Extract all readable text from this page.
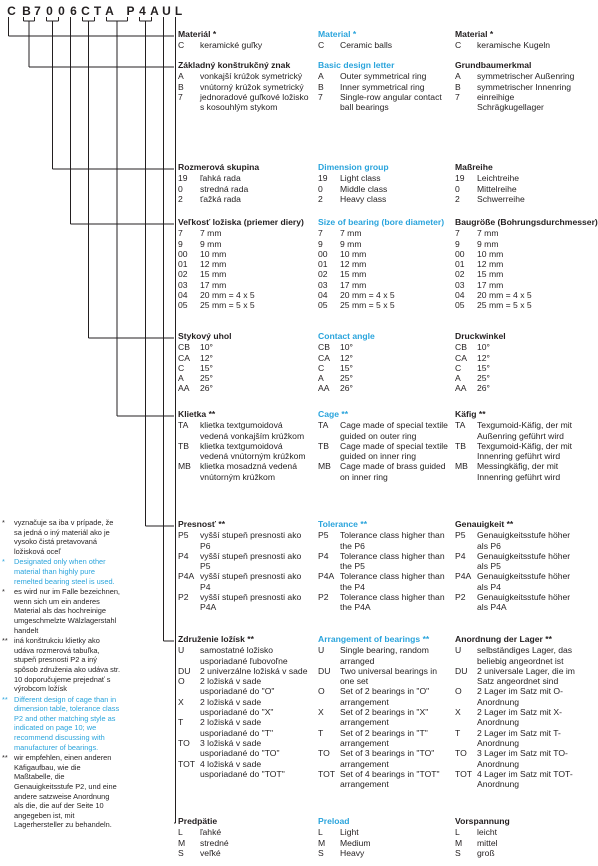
C B 7 0 0 6 C T A P 4 A U L
Materiál *
C	keramické guľky
Material *
C	Ceramic balls
Material *
C	keramische Kugeln
Základný konštrukčný znak
A	vonkajší krúžok symetrický
B	vnútorný krúžok symetrický
7	jednoradové guľkové ložisko s kosouhlým stykom
Basic design letter
A	Outer symmetrical ring
B	Inner symmetrical ring
7	Single-row angular contact ball bearings
Grundbaumerkmal
A	symmetrischer Außenring
B	symmetrischer Innenring
7	einreihige Schrägkugellager
Rozmerová skupina
19	ľahká rada
0	stredná rada
2	ťažká rada
Dimension group
19	Light class
0	Middle class
2	Heavy class
Maßreihe
19	Leichtreihe
0	Mittelreihe
2	Schwerreihe
Veľkosť ložiska (priemer diery)
7	7 mm
9	9 mm
00	10 mm
01	12 mm
02	15 mm
03	17 mm
04	20 mm = 4 x 5
05	25 mm = 5 x 5
Size of bearing (bore diameter)
7	7 mm
9	9 mm
00	10 mm
01	12 mm
02	15 mm
03	17 mm
04	20 mm = 4 x 5
05	25 mm = 5 x 5
Baugröße (Bohrungsdurchmesser)
7	7 mm
9	9 mm
00	10 mm
01	12 mm
02	15 mm
03	17 mm
04	20 mm = 4 x 5
05	25 mm = 5 x 5
Stykový uhol
CB	10°
CA	12°
C	15°
A	25°
AA	26°
Contact angle
CB	10°
CA	12°
C	15°
A	25°
AA	26°
Druckwinkel
CB	10°
CA	12°
C	15°
A	25°
AA	26°
Klietka **
TA	klietka textgumoidová vedená vonkajším krúžkom
TB	klietka textgumoidová vedená vnútorným krúžkom
MB	klietka mosadzná vedená vnútorným krúžkom
Cage **
TA	Cage made of special textile guided on outer ring
TB	Cage made of special textile guided on inner ring
MB	Cage made of brass guided on inner ring
Käfig **
TA	Texgumoid-Käfig, der mit Außenring geführt wird
TB	Texgumoid-Käfig, der mit Innenring geführt wird
MB	Messingkäfig, der mit Innenring geführt wird
Presnosť **
P5	vyšší stupeň presnosti ako P6
P4	vyšší stupeň presnosti ako P5
P4A vyšší stupeň presnosti ako P4
P2	vyšší stupeň presnosti ako P4A
Tolerance **
P5	Tolerance class higher than the P6
P4	Tolerance class higher than the P5
P4A Tolerance class higher than the P4
P2	Tolerance class higher than the P4A
Genauigkeit **
P5	Genauigkeitsstufe höher als P6
P4	Genauigkeitsstufe höher als P5
P4A Genauigkeitsstufe höher als P4
P2	Genauigkeitsstufe höher als P4A
Združenie ložísk **
U	samostatné ložisko usporiadané ľubovoľne
DU	2 univerzálne ložiská v sade
O	2 ložiská v sade usporiadané do "O"
X	2 ložiská v sade usporiadané do "X"
T	2 ložiská v sade usporiadané do "T"
TO	3 ložiská v sade usporiadané do "TO"
TOT 4 ložiská v sade usporiadané do "TOT"
Arrangement of bearings **
U	Single bearing, random arranged
DU	Two universal bearings in one set
O	Set of 2 bearings in "O" arrangement
X	Set of 2 bearings in "X" arrangement
T	Set of 2 bearings in "T" arrangement
TO	Set of 3 bearings in "TO" arrangement
TOT Set of 4 bearings in "TOT" arrangement
Anordnung der Lager **
U	selbständiges Lager, das beliebig angeordnet ist
DU	2 universale Lager, die im Satz angeordnet sind
O	2 Lager im Satz mit O-Anordnung
X	2 Lager im Satz mit X-Anordnung
T	2 Lager im Satz mit T-Anordnung
TO	3 Lager im Satz mit TO-Anordnung
TOT 4 Lager im Satz mit TOT-Anordnung
Predpätie
L	ľahké
M	stredné
S	veľké
Preload
L	Light
M	Medium
S	Heavy
Vorspannung
L	leicht
M	mittel
S	groß
*	vyznačuje sa iba v prípade, že sa jedná o iný materiál ako je vysoko čistá pretavovaná ložisková oceľ
*	Designated only when other material than highly pure remelted bearing steel is used.
*	es wird nur im Falle bezeichnen, wenn sich um ein anderes Material als das hochreinige umgeschmelzte Wälzlagerstahl handelt
** iná konštrukciu klietky ako udáva rozmerová tabuľka, stupeň presnosti P2 a iný spôsob združenia ako udáva str. 10 doporučujeme prejednať s výrobcom ložísk
** Different design of cage than in dimension table, tolerance class P2 and other matching style as indicated on page 10; we recommend discussing with manufacturer of bearings.
** wir empfehlen, einen anderen Käfigaufbau, wie die Maßtabelle, die Genauigkeitsstufe P2, und eine andere satzweise Anordnung als die, die auf der Seite 10 angegeben ist, mit Lagerhersteller zu behandeln.
